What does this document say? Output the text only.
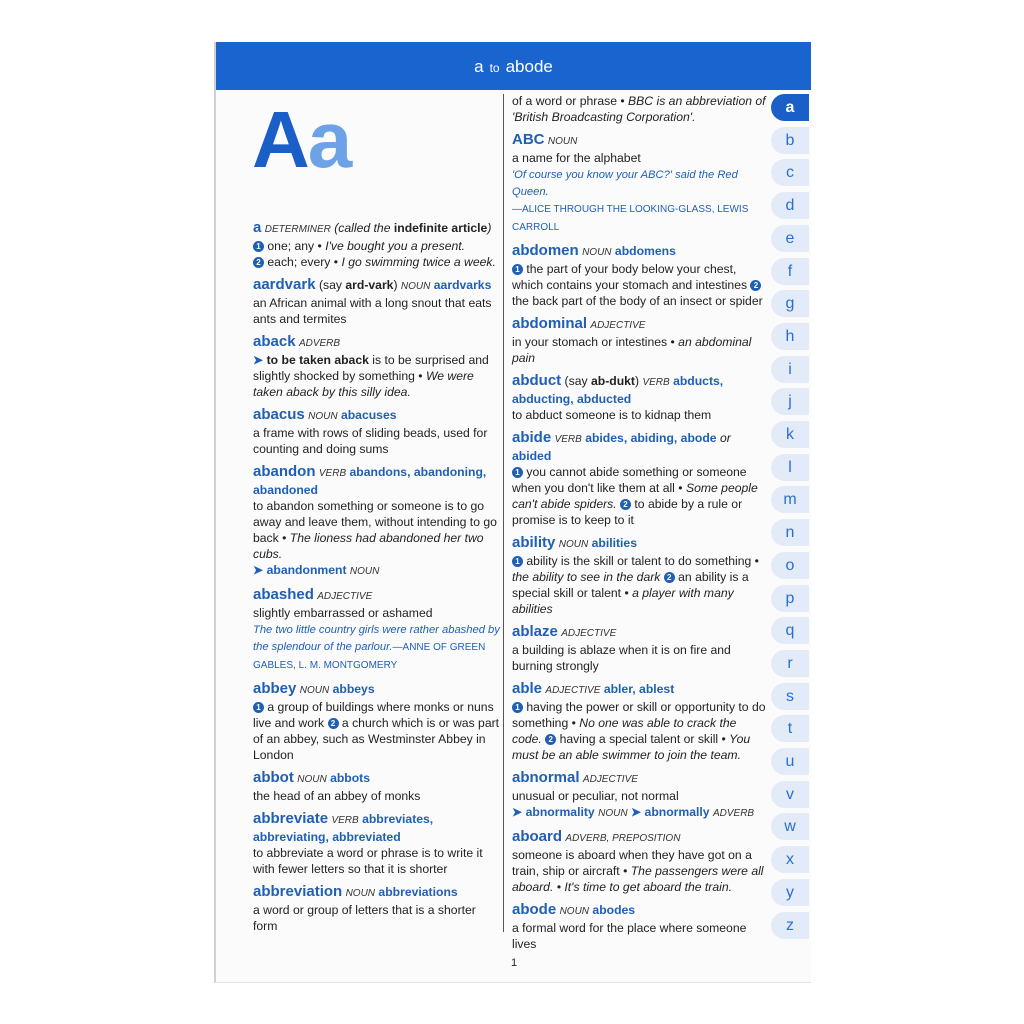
a to abode
Aa
a DETERMINER (called the indefinite article)
1 one; any • I've bought you a present.
2 each; every • I go swimming twice a week.
aardvark (say ard-vark) NOUN aardvarks
an African animal with a long snout that eats ants and termites
aback ADVERB
➤ to be taken aback is to be surprised and slightly shocked by something • We were taken aback by this silly idea.
abacus NOUN abacuses
a frame with rows of sliding beads, used for counting and doing sums
abandon VERB abandons, abandoning, abandoned
to abandon something or someone is to go away and leave them, without intending to go back • The lioness had abandoned her two cubs.
➤ abandonment NOUN
abashed ADJECTIVE
slightly embarrassed or ashamed
The two little country girls were rather abashed by the splendour of the parlour.—ANNE OF GREEN GABLES, L. M. MONTGOMERY
abbey NOUN abbeys
1 a group of buildings where monks or nuns live and work 2 a church which is or was part of an abbey, such as Westminster Abbey in London
abbot NOUN abbots
the head of an abbey of monks
abbreviate VERB abbreviates, abbreviating, abbreviated
to abbreviate a word or phrase is to write it with fewer letters so that it is shorter
abbreviation NOUN abbreviations
a word or group of letters that is a shorter form
of a word or phrase • BBC is an abbreviation of 'British Broadcasting Corporation'.
ABC NOUN
a name for the alphabet
'Of course you know your ABC?' said the Red Queen.
—ALICE THROUGH THE LOOKING-GLASS, LEWIS CARROLL
abdomen NOUN abdomens
1 the part of your body below your chest, which contains your stomach and intestines 2 the back part of the body of an insect or spider
abdominal ADJECTIVE
in your stomach or intestines • an abdominal pain
abduct (say ab-dukt) VERB abducts, abducting, abducted
to abduct someone is to kidnap them
abide VERB abides, abiding, abode or abided
1 you cannot abide something or someone when you don't like them at all • Some people can't abide spiders. 2 to abide by a rule or promise is to keep to it
ability NOUN abilities
1 ability is the skill or talent to do something • the ability to see in the dark 2 an ability is a special skill or talent • a player with many abilities
ablaze ADJECTIVE
a building is ablaze when it is on fire and burning strongly
able ADJECTIVE abler, ablest
1 having the power or skill or opportunity to do something • No one was able to crack the code. 2 having a special talent or skill • You must be an able swimmer to join the team.
abnormal ADJECTIVE
unusual or peculiar, not normal
➤ abnormality NOUN ➤ abnormally ADVERB
aboard ADVERB, PREPOSITION
someone is aboard when they have got on a train, ship or aircraft • The passengers were all aboard. • It's time to get aboard the train.
abode NOUN abodes
a formal word for the place where someone lives
a
b
c
d
e
f
g
h
i
j
k
l
m
n
o
p
q
r
s
t
u
v
w
x
y
z
1
